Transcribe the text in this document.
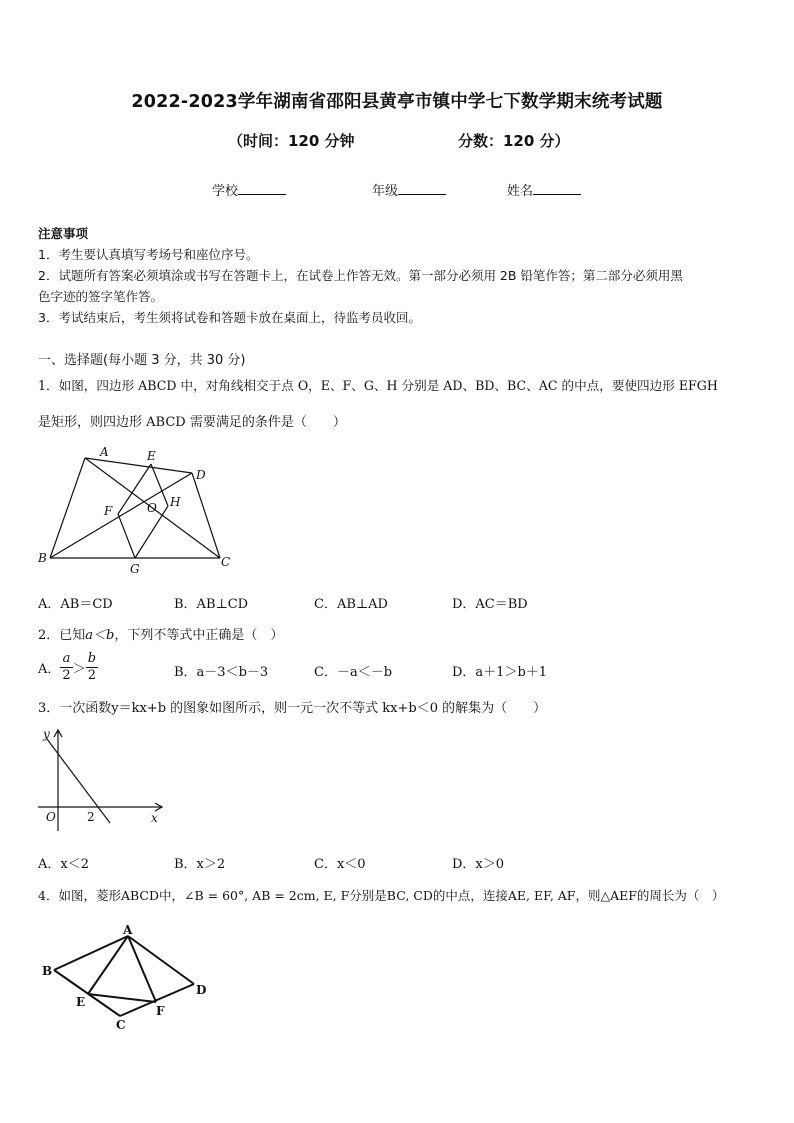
2022-2023学年湖南省邵阳县黄亭市镇中学七下数学期末统考试题
（时间：120 分钟	分数：120 分）
学校	年级	姓名
注意事项
1．考生要认真填写考场号和座位序号。
2．试题所有答案必须填涂或书写在答题卡上，在试卷上作答无效。第一部分必须用 2B 铅笔作答；第二部分必须用黑
色字迹的签字笔作答。
3．考试结束后，考生须将试卷和答题卡放在桌面上，待监考员收回。
一、选择题(每小题 3 分，共 30 分)
1．如图，四边形 ABCD 中，对角线相交于点 O，E、F、G、H 分别是 AD、BD、BC、AC 的中点，要使四边形 EFGH
是矩形，则四边形 ABCD 需要满足的条件是（　　）
A	E
D
F	O H
B
G	C
A．AB＝CD	B．AB⊥CD	C．AB⊥AD	D．AC＝BD
2．已知a＜b，下列不等式中正确是（　）
A． $\frac{a}{2} > \frac{b}{2}$	B．a－3＜b－3	C．－a＜－b	D．a＋1＞b＋1
3．一次函数y＝kx+b 的图象如图所示，则一元一次不等式 kx+b＜0 的解集为（　　）
y
x
O	2
A．x＜2	B．x＞2	C．x＜0	D．x＞0
4．如图，菱形ABCD中，∠B = 60°, AB = 2cm, E, F分别是BC, CD的中点，连接AE, EF, AF，则△AEF的周长为（　）
A
B
C
D
E
F
